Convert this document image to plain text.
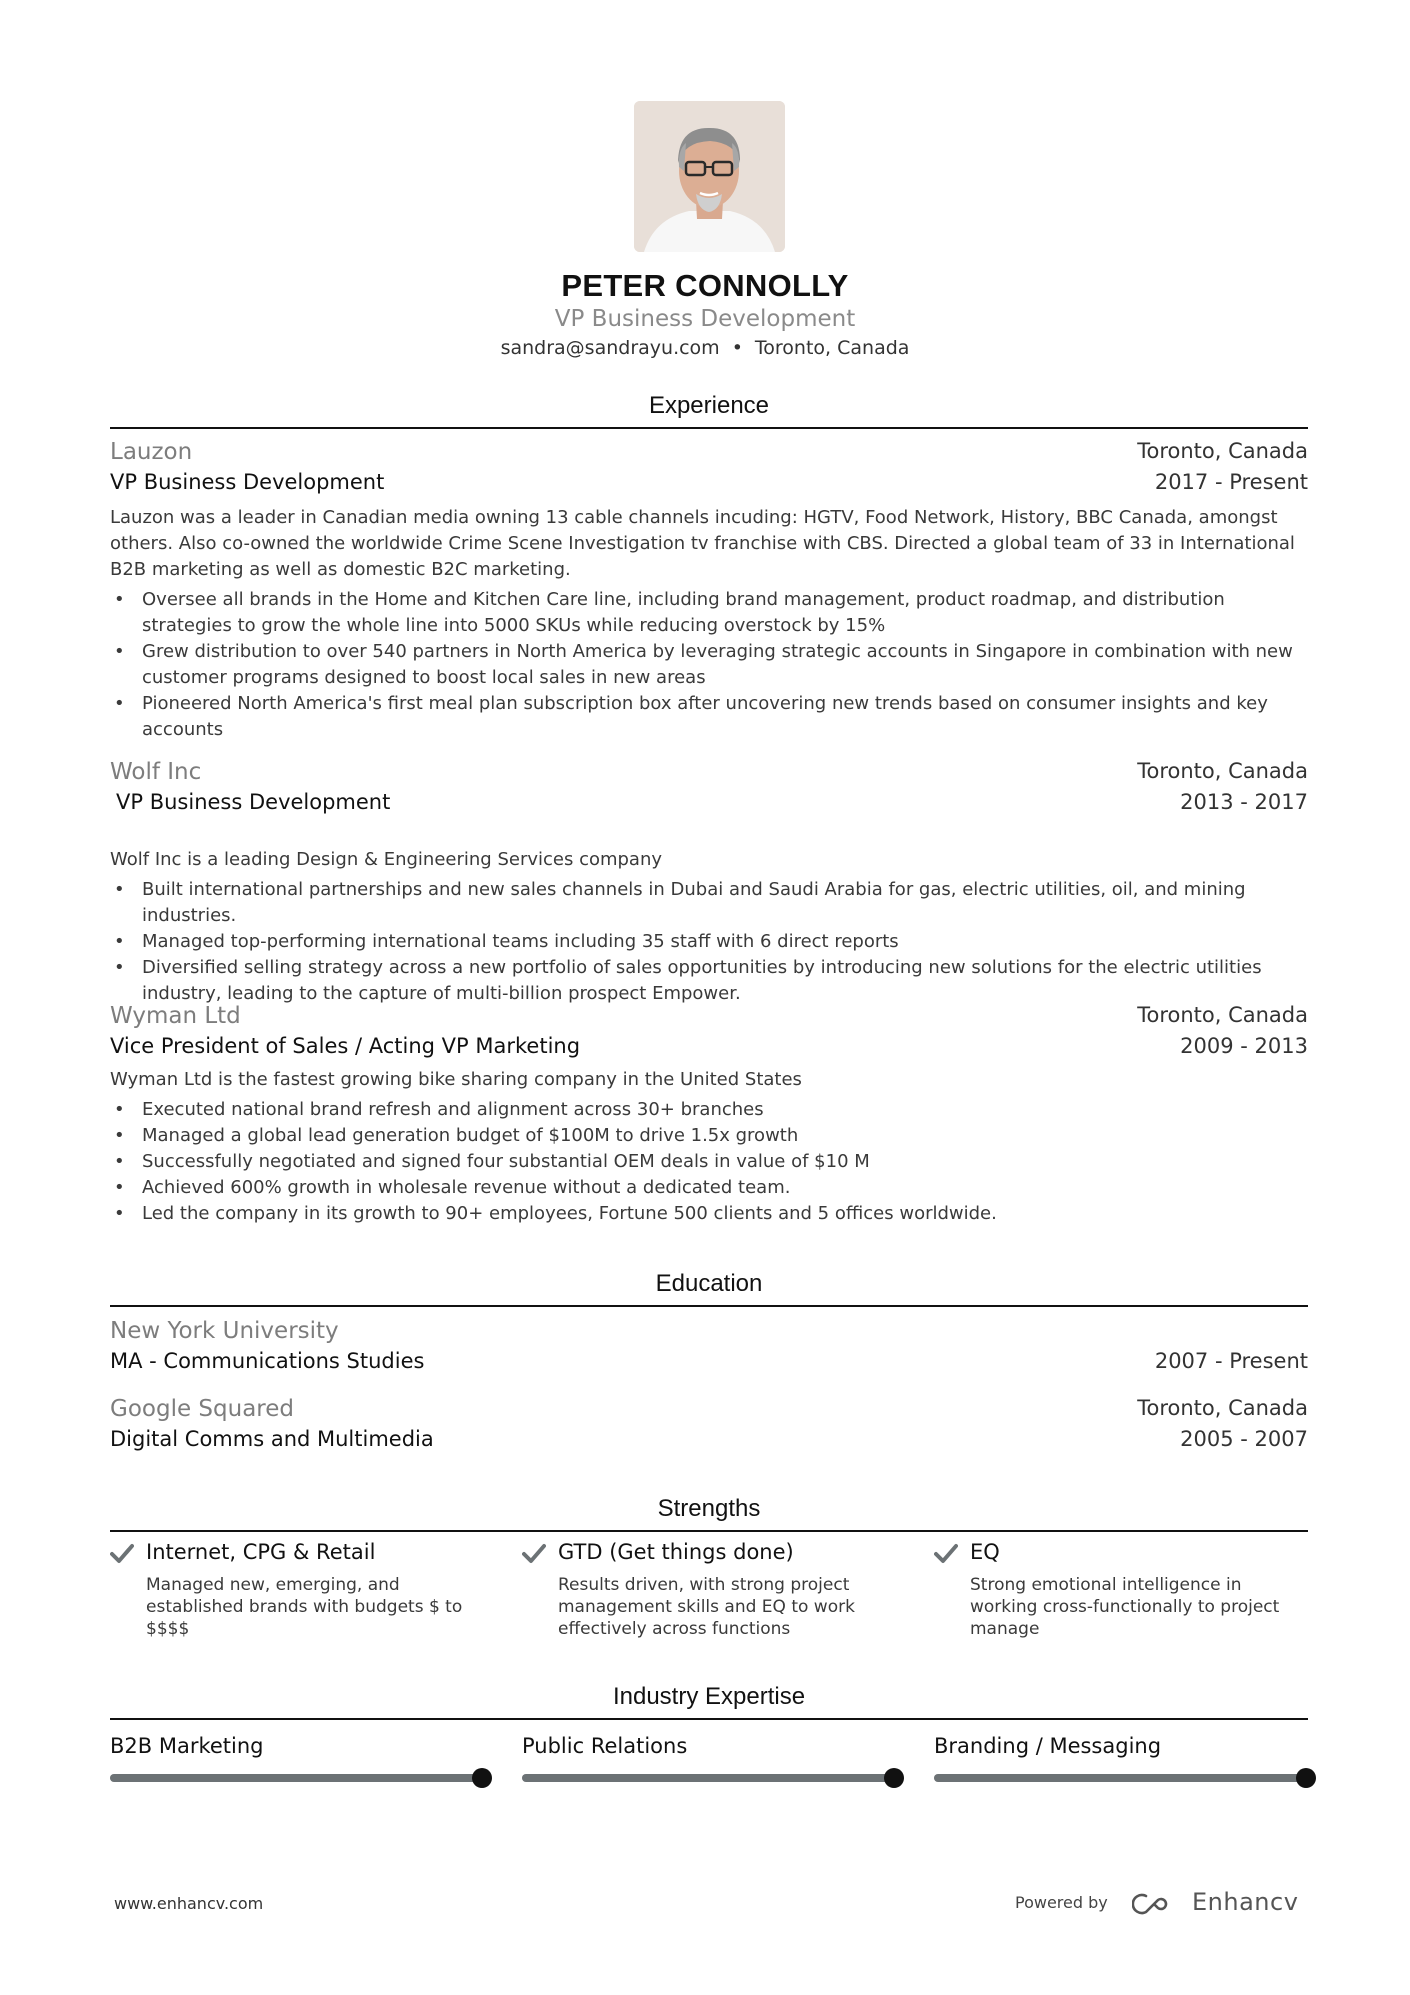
PETER CONNOLLY
VP Business Development
sandra@sandrayu.com • Toronto, Canada
Experience
Lauzon	Toronto, Canada
VP Business Development	2017 - Present

Lauzon was a leader in Canadian media owning 13 cable channels incuding: HGTV, Food Network, History, BBC Canada, amongst others. Also co-owned the worldwide Crime Scene Investigation tv franchise with CBS. Directed a global team of 33 in International B2B marketing as well as domestic B2C marketing.

• Oversee all brands in the Home and Kitchen Care line, including brand management, product roadmap, and distribution strategies to grow the whole line into 5000 SKUs while reducing overstock by 15%
• Grew distribution to over 540 partners in North America by leveraging strategic accounts in Singapore in combination with new customer programs designed to boost local sales in new areas
• Pioneered North America's first meal plan subscription box after uncovering new trends based on consumer insights and key accounts
Wolf Inc	Toronto, Canada
VP Business Development	2013 - 2017

Wolf Inc is a leading Design & Engineering Services company

• Built international partnerships and new sales channels in Dubai and Saudi Arabia for gas, electric utilities, oil, and mining industries.
• Managed top-performing international teams including 35 staff with 6 direct reports
• Diversified selling strategy across a new portfolio of sales opportunities by introducing new solutions for the electric utilities industry, leading to the capture of multi-billion prospect Empower.
Wyman Ltd	Toronto, Canada
Vice President of Sales / Acting VP Marketing	2009 - 2013

Wyman Ltd is the fastest growing bike sharing company in the United States

• Executed national brand refresh and alignment across 30+ branches
• Managed a global lead generation budget of $100M to drive 1.5x growth
• Successfully negotiated and signed four substantial OEM deals in value of $10 M
• Achieved 600% growth in wholesale revenue without a dedicated team.
• Led the company in its growth to 90+ employees, Fortune 500 clients and 5 offices worldwide.
Education
New York University
MA - Communications Studies	2007 - Present
Google Squared	Toronto, Canada
Digital Comms and Multimedia	2005 - 2007
Strengths
Internet, CPG & Retail
Managed new, emerging, and established brands with budgets $ to $$$$
GTD (Get things done)
Results driven, with strong project management skills and EQ to work effectively across functions
EQ
Strong emotional intelligence in working cross-functionally to project manage
Industry Expertise
B2B Marketing	Public Relations	Branding / Messaging
www.enhancv.com	Powered by	Enhancv
